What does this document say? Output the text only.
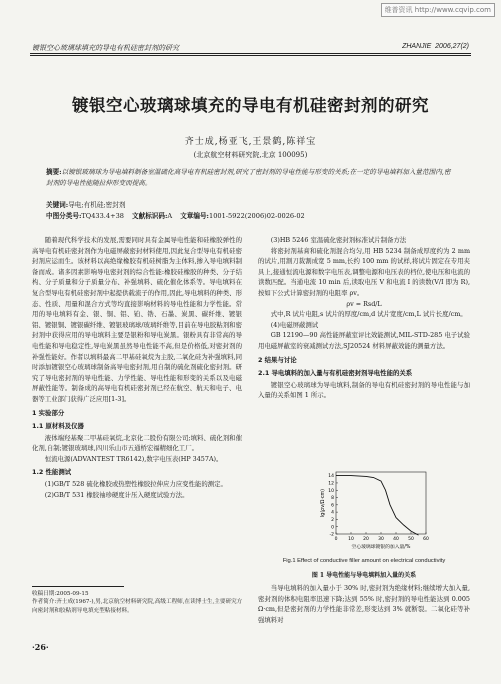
维普资讯 http://www.cqvip.com
镀银空心玻璃球填充的导电有机硅密封剂的研究	ZHANJIE 2006,27(2)
镀银空心玻璃球填充的导电有机硅密封剂的研究
齐士成,杨亚飞,王景鹤,陈祥宝
(北京航空材料研究院,北京 100095)
摘要:以镀银玻璃球为导电填料制备室温硫化高导电有机硅密封剂,研究了密封剂的导电性能与形变的关系;在一定的导电填料加入量范围内,密封剂的导电性能随拉伸形变而提高。
关键词:导电;有机硅;密封剂
中图分类号:TQ433.4+38 文献标识码:A 文章编号:1001-5922(2006)02-0026-02

随着现代科学技术的发展,需要同时具有金属导电性能和硅橡胶弹性的高导电有机硅密封剂作为电磁屏蔽密封材料使用,因此复合型导电有机硅密封剂应运而生。该材料以高绝缘橡胶有机硅树脂为主体料,掺入导电填料制备而成。诸多因素影响导电密封剂的综合性能:橡胶硅橡胶的种类、分子结构、分子质量和分子质量分布、补强填料、硫化催化体系等。导电填料在复合型导电有机硅密封剂中起提供载流子的作用,因此,导电填料的种类、形态、性质、用量和混合方式等均直接影响材料的导电性能和力学性能。常用的导电填料有金、银、铜、铝、铂、锆、石墨、炭黑、碳纤维、镀银铝、镀银铜、镀银碳纤维、镀银玻璃球/玻璃纤维等,目前在导电胶粘剂和密封剂中获得应用的导电填料主要是银粉和导电炭黑。银粉具有非常高的导电性能和导电稳定性,导电炭黑虽然导电性能不高,但是价格低,对密封剂的补强性能好。作者以填料最高二甲基硅氧烷为主胶,二氧化硅为补强填料,同时添加镀银空心玻璃球制备高导电密封剂,用自制的硫化剂硫化密封剂。研究了导电密封剂的导电性能、力学性能、导电性能和形变的关系以及电磁屏蔽性能等。制备成的高导电有机硅密封剂已经在航空、航天和电子、电器等工业部门获得广泛应用[1-3]。

1 实验部分
1.1 原材料及仪器

液体端羟基聚二甲基硅氧烷,北京化二股份有限公司;填料、硫化剂和催化剂,自制;镀银玻璃球,四川乐山市五通桥宏福精细化工厂。

恒流电源(ADVANTEST TR6142),数字电压表(HP 3457A)。

1.2 性能测试

(1)GB/T 528 硫化橡胶或热塑性橡胶拉伸应力应变性能的测定。

(2)GB/T 531 橡胶袖珍硬度计压入硬度试验方法。

收稿日期:2005-09-15
作者简介:齐士成(1967-),男,北京航空材料研究院,高级工程师,在读博士生,主要研究方向密封剂和胶粘剂导电填充型粘接材料。
·26·

(3)HB 5246 室温硫化密封剂标准试片制备方法

将密封剂基膏和硫化剂混合均匀,用 HB 5234 制备成厚度约为 2 mm 的试片,用割刀裁割成宽 5 mm,长约 100 mm 的试样,将试片固定在专用夹具上,接通恒流电源和数字电压表,调整电源和电压表的档位,使电压和电流的读数匹配。当通电流 10 min 后,读取电压 V 和电流 I 的读数(V/I 即为 R),按如下公式计算密封剂的电阻率 ρv。

ρv = Rsd/L

式中,R 试片电阻,s 试片的厚度/cm,d 试片宽度/cm,L 试片长度/cm。

(4)电磁屏蔽测试

GB 12190—90 高性能屏蔽室评比效能测试,MIL-STD-285 电子试验用电磁屏蔽室的衰减测试方法,SJ20524 材料屏蔽效能的测量方法。

2 结果与讨论
2.1 导电填料的加入量与有机硅密封剂导电性能的关系

镀银空心玻璃球为导电填料,制备的导电有机硅密封剂的导电性能与加入量的关系如图 1 所示。

0 10 20 30 40 50 60
14
12
10
8
6
4
2
0
-2
空心玻璃球镀银的加入量/%
lg(ρv/Ω·cm)
Fig.1 Effect of conductive filler amount on electrical conductivity
图 1 导电性能与导电填料加入量的关系

当导电填料的加入量小于 30% 时,密封剂为绝缘材料;继续增大加入量,密封剂的体积电阻率迅速下降;达到 55% 时,密封剂的导电性能达到 0.005 Ω·cm,但是密封剂的力学性能非常差,形变达到 3% 就断裂。二氧化硅等补强填料对
